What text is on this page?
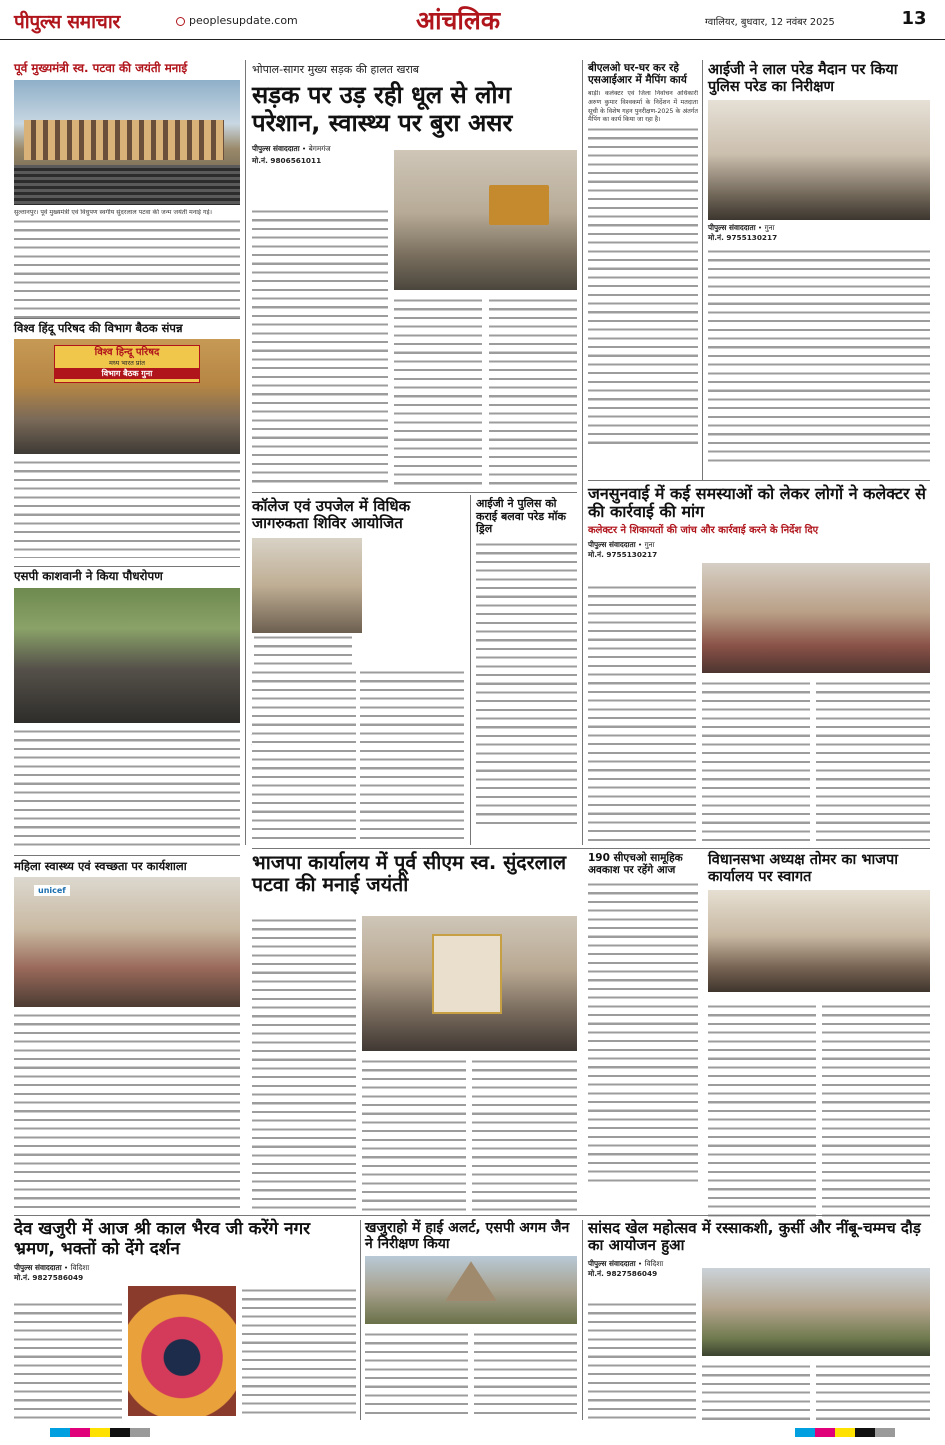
पीपुल्स समाचार	peoplesupdate.com	आंचलिक	ग्वालियर, बुधवार, 12 नवंबर 2025	13
पूर्व मुख्यमंत्री स्व. पटवा की जयंती मनाई
सुल्तानपुर। पूर्व मुख्यमंत्री एवं विधुपण स्वर्गीय सुंदरलाल पटवा की जन्म जयंती मनाई गई।
विश्व हिंदू परिषद की विभाग बैठक संपन्न
विश्व हिन्दू परिषद
मध्य भारत प्रांत
विभाग बैठक गुना
एसपी काशवानी ने किया पौधरोपण
महिला स्वास्थ्य एवं स्वच्छता पर कार्यशाला
unicef
भोपाल-सागर मुख्य सड़क की हालत खराब
सड़क पर उड़ रही धूल से लोग परेशान, स्वास्थ्य पर बुरा असर
पीपुल्स संवाददाता • बेगमगंज
मो.नं. 9806561011
कॉलेज एवं उपजेल में विधिक जागरुकता शिविर आयोजित

पीपुल्स संवाददाता • बेगमगंज
मो.नं. 9755130217
आईजी ने पुलिस को कराई बलवा परेड मॉक ड्रिल
बीएलओ घर-घर कर रहे एसआईआर में मैपिंग कार्य
बाड़ी। कलेक्टर एवं जिला निर्वाचन अधिकारी अरुण कुमार विश्वकर्मा के निर्देशन में मतदाता सूची के विशेष गहन पुनरीक्षण-2025 के अंतर्गत मैपिंग का कार्य किया जा रहा है।
आईजी ने लाल परेड मैदान पर किया पुलिस परेड का निरीक्षण
पीपुल्स संवाददाता • गुना
मो.नं. 9755130217
जनसुनवाई में कई समस्याओं को लेकर लोगों ने कलेक्टर से की कार्रवाई की मांग
कलेक्टर ने शिकायतों की जांच और कार्रवाई करने के निर्देश दिए
पीपुल्स संवाददाता • गुना
मो.नं. 9755130217
भाजपा कार्यालय में पूर्व सीएम स्व. सुंदरलाल पटवा की मनाई जयंती
190 सीएचओ सामूहिक अवकाश पर रहेंगे आज
विधानसभा अध्यक्ष तोमर का भाजपा कार्यालय पर स्वागत
देव खजुरी में आज श्री काल भैरव जी करेंगे नगर भ्रमण, भक्तों को देंगे दर्शन
पीपुल्स संवाददाता • विदिशा
मो.नं. 9827586049
खजुराहो में हाई अलर्ट, एसपी अगम जैन ने निरीक्षण किया
सांसद खेल महोत्सव में रस्साकशी, कुर्सी और नींबू-चम्मच दौड़ का आयोजन हुआ
पीपुल्स संवाददाता • विदिशा
मो.नं. 9827586049
